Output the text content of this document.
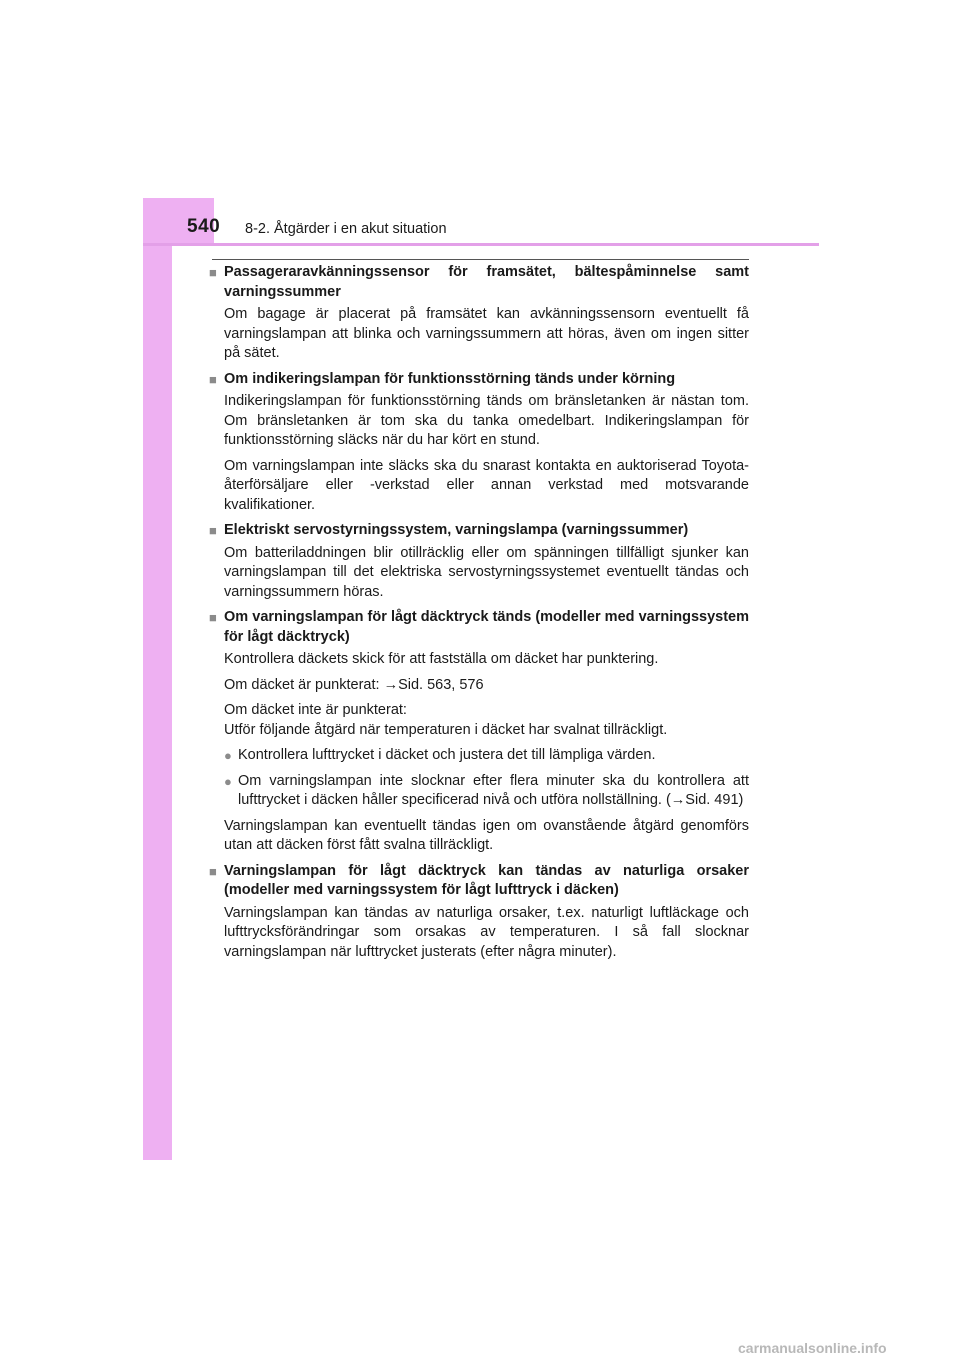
540 8-2. Åtgärder i en akut situation
■ Passageraravkänningssensor för framsätet, bältespåminnelse samt varningssummer

Om bagage är placerat på framsätet kan avkänningssensorn eventuellt få varningslampan att blinka och varningssummern att höras, även om ingen sitter på sätet.

■ Om indikeringslampan för funktionsstörning tänds under körning

Indikeringslampan för funktionsstörning tänds om bränsletanken är nästan tom. Om bränsletanken är tom ska du tanka omedelbart. Indikeringslampan för funktionsstörning släcks när du har kört en stund.

Om varningslampan inte släcks ska du snarast kontakta en auktoriserad Toyota-återförsäljare eller -verkstad eller annan verkstad med motsvarande kvalifikationer.

■ Elektriskt servostyrningssystem, varningslampa (varningssummer)

Om batteriladdningen blir otillräcklig eller om spänningen tillfälligt sjunker kan varningslampan till det elektriska servostyrningssystemet eventuellt tändas och varningssummern höras.

■ Om varningslampan för lågt däcktryck tänds (modeller med varningssystem för lågt däcktryck)

Kontrollera däckets skick för att fastställa om däcket har punktering.

Om däcket är punkterat: →Sid. 563, 576

Om däcket inte är punkterat:
Utför följande åtgärd när temperaturen i däcket har svalnat tillräckligt.

● Kontrollera lufttrycket i däcket och justera det till lämpliga värden.
● Om varningslampan inte slocknar efter flera minuter ska du kontrollera att lufttrycket i däcken håller specificerad nivå och utföra nollställning. (→Sid. 491)

Varningslampan kan eventuellt tändas igen om ovanstående åtgärd genomförs utan att däcken först fått svalna tillräckligt.

■ Varningslampan för lågt däcktryck kan tändas av naturliga orsaker (modeller med varningssystem för lågt lufttryck i däcken)

Varningslampan kan tändas av naturliga orsaker, t.ex. naturligt luftläckage och lufttrycksförändringar som orsakas av temperaturen. I så fall slocknar varningslampan när lufttrycket justerats (efter några minuter).

carmanualsonline.info
